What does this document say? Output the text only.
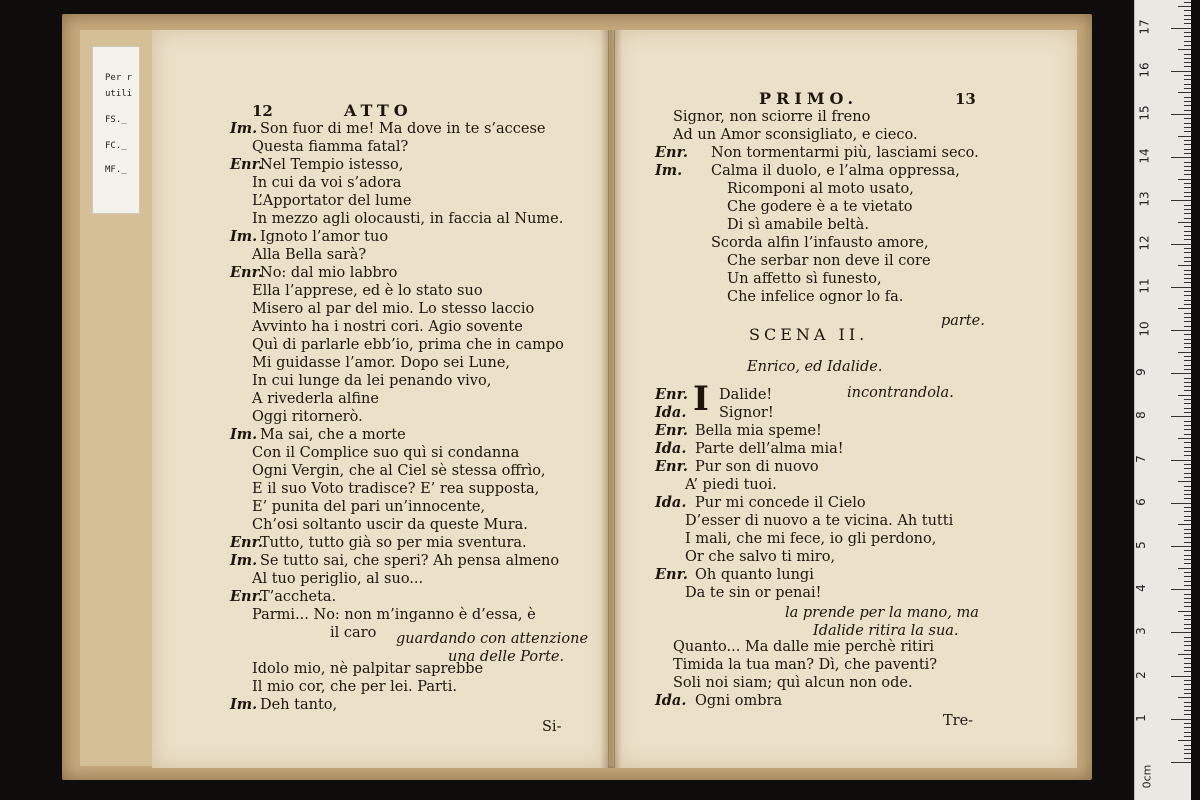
Per r
utili
FS._
FC._
MF._
12	ATTO
Im. Son fuor di me! Ma dove in te s’accese
Questa fiamma fatal?
Enr.
Nel Tempio istesso,
In cui da voi s’adora
L’Apportator del lume
In mezzo agli olocausti, in faccia al Nume.
Im. Ignoto l’amor tuo
Alla Bella sarà?
Enr.
No: dal mio labbro
Ella l’apprese, ed è lo stato suo
Misero al par del mio. Lo stesso laccio
Avvinto ha i nostri cori. Agio sovente
Quì di parlarle ebb’io, prima che in campo
Mi guidasse l’amor. Dopo sei Lune,
In cui lunge da lei penando vivo,
A rivederla alfine
Oggi ritornerò.
Im. Ma sai, che a morte
Con il Complice suo quì si condanna
Ogni Vergin, che al Ciel sè stessa offrìo,
E il suo Voto tradisce? E’ rea supposta,
E’ punita del pari un’innocente,
Ch’osi soltanto uscir da queste Mura.
Enr.
Tutto, tutto già so per mia sventura.
Im. Se tutto sai, che speri? Ah pensa almeno
Al tuo periglio, al suo...
Enr.
T’accheta.
Parmi... No: non m’inganno è d’essa, è
il caro
Idolo mio, nè palpitar saprebbe
Il mio cor, che per lei. Parti.
Im. Deh tanto,
guardando con attenzione
una delle Porte.
Si-
PRIMO.	13
Signor, non sciorre il freno
Ad un Amor sconsigliato, e cieco.
Enr. Non tormentarmi più, lasciami seco.
Im. Calma il duolo, e l’alma oppressa,
Ricomponi al moto usato,
Che godere è a te vietato
Di sì amabile beltà.
Scorda alfin l’infausto amore,
Che serbar non deve il core
Un affetto sì funesto,
Che infelice ognor lo fa.
parte.
SCENA II.
Enrico, ed Idalide.
I	incontrandola.
Enr. Dalide!
Ida. Signor!
Enr. Bella mia speme!
Ida. Parte dell’alma mia!
Enr. Pur son di nuovo
A’ piedi tuoi.
Ida. Pur mi concede il Cielo
D’esser di nuovo a te vicina. Ah tutti
I mali, che mi fece, io gli perdono,
Or che salvo ti miro,
Enr. Oh quanto lungi
Da te sin or penai!
Quanto... Ma dalle mie perchè ritiri
Timida la tua man? Dì, che paventi?
Soli noi siam; quì alcun non ode.
Ida. Ogni ombra
la prende per la mano, ma
Idalide ritira la sua.
Tre-
17
16
15
14
13
12
11
10
9
8
7
6
5
4
3
2
1
0cm
